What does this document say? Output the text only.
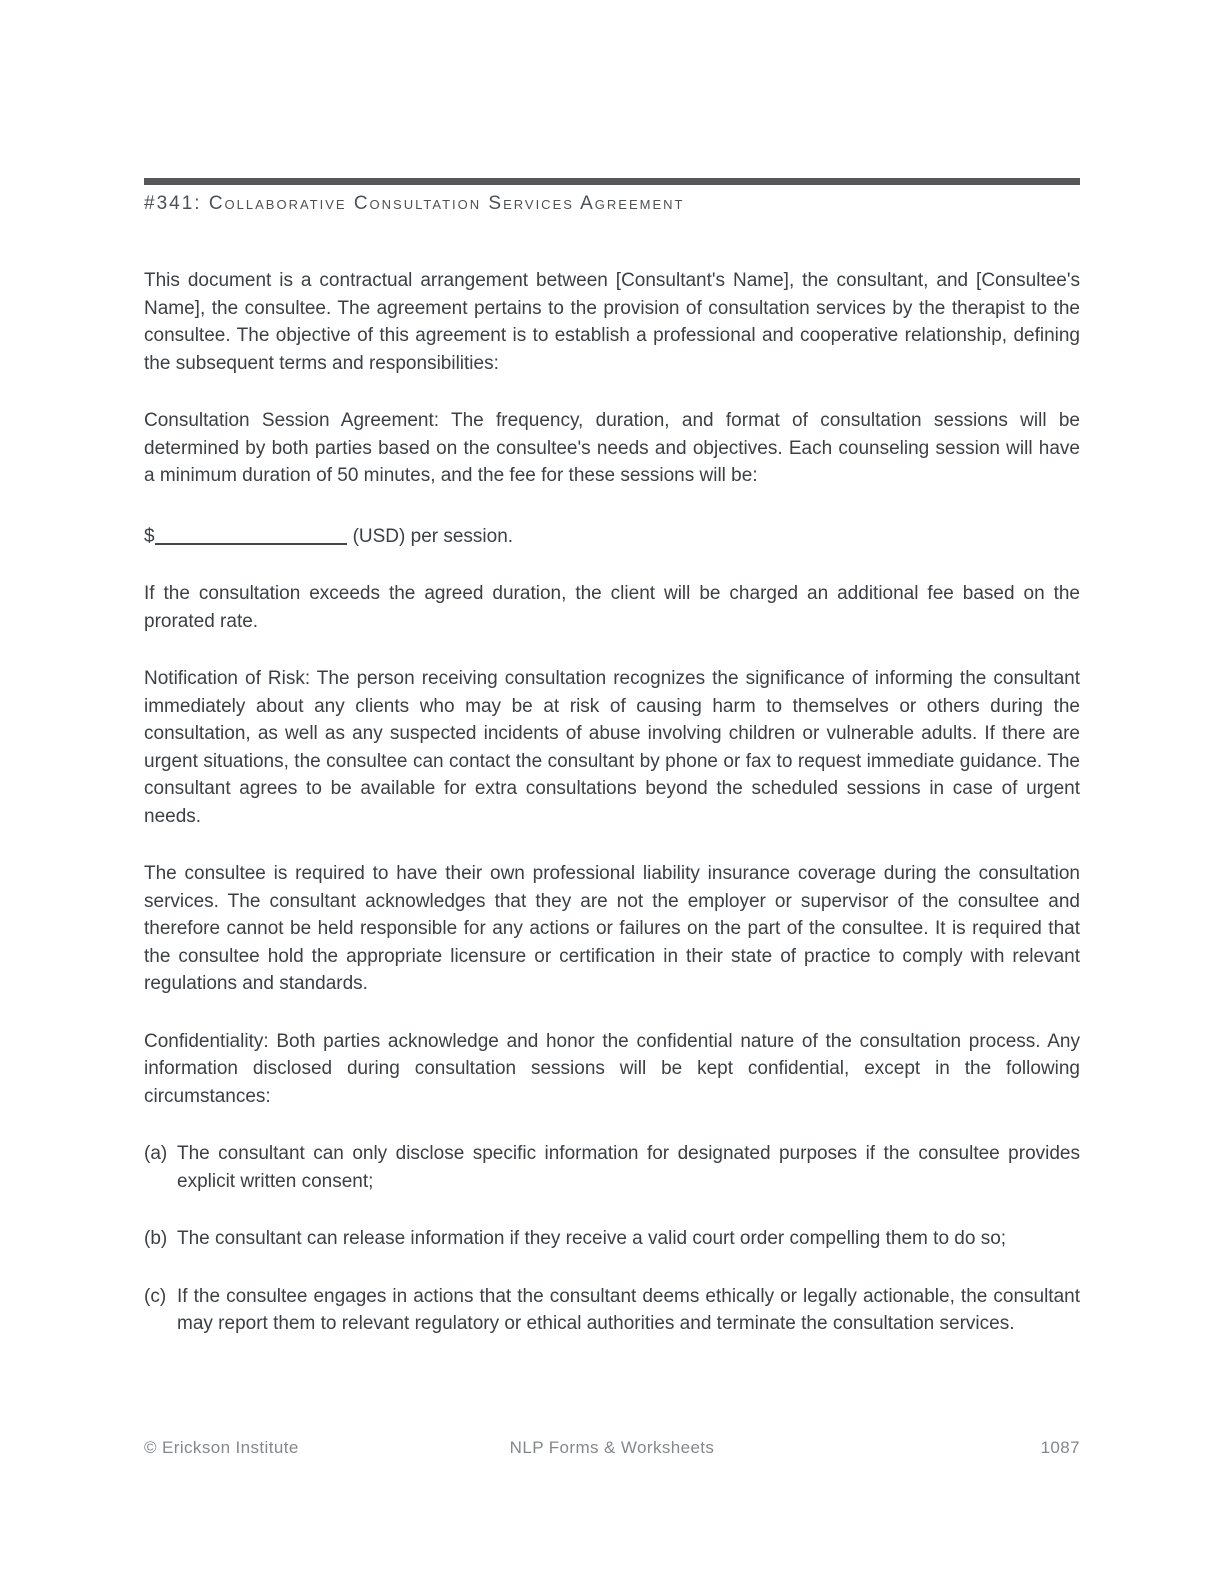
#341: Collaborative Consultation Services Agreement

This document is a contractual arrangement between [Consultant's Name], the consultant, and [Consultee's Name], the consultee. The agreement pertains to the provision of consultation services by the therapist to the consultee. The objective of this agreement is to establish a professional and cooperative relationship, defining the subsequent terms and responsibilities:

Consultation Session Agreement: The frequency, duration, and format of consultation sessions will be determined by both parties based on the consultee's needs and objectives. Each counseling session will have a minimum duration of 50 minutes, and the fee for these sessions will be:

$	(USD) per session.

If the consultation exceeds the agreed duration, the client will be charged an additional fee based on the prorated rate.

Notification of Risk: The person receiving consultation recognizes the significance of informing the consultant immediately about any clients who may be at risk of causing harm to themselves or others during the consultation, as well as any suspected incidents of abuse involving children or vulnerable adults. If there are urgent situations, the consultee can contact the consultant by phone or fax to request immediate guidance. The consultant agrees to be available for extra consultations beyond the scheduled sessions in case of urgent needs.

The consultee is required to have their own professional liability insurance coverage during the consultation services. The consultant acknowledges that they are not the employer or supervisor of the consultee and therefore cannot be held responsible for any actions or failures on the part of the consultee. It is required that the consultee hold the appropriate licensure or certification in their state of practice to comply with relevant regulations and standards.

Confidentiality: Both parties acknowledge and honor the confidential nature of the consultation process. Any information disclosed during consultation sessions will be kept confidential, except in the following circumstances:

(a) The consultant can only disclose specific information for designated purposes if the consultee provides explicit written consent;
(b) The consultant can release information if they receive a valid court order compelling them to do so;
(c) If the consultee engages in actions that the consultant deems ethically or legally actionable, the consultant may report them to relevant regulatory or ethical authorities and terminate the consultation services.
© Erickson Institute	NLP Forms & Worksheets	1087
